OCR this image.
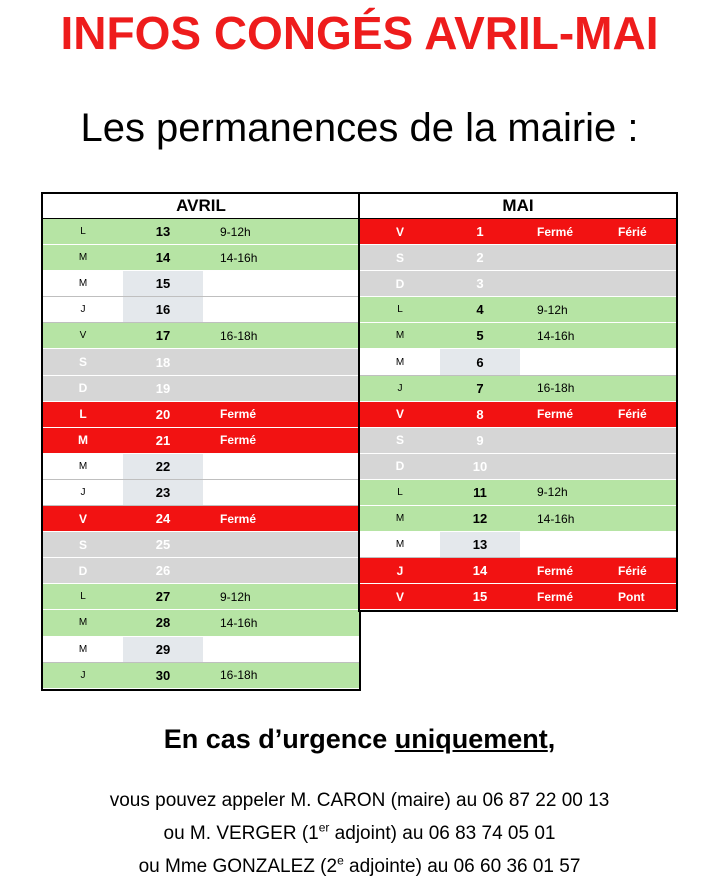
INFOS CONGÉS AVRIL-MAI
Les permanences de la mairie :
AVRIL
L	13	9-12h
M	14	14-16h
M	15
J	16
V	17	16-18h
S	18
D	19
L	20	Fermé
M	21	Fermé
M	22
J	23
V	24	Fermé
S	25
D	26
L	27	9-12h
M	28	14-16h
M	29
J	30	16-18h
MAI
V	1	Fermé	Férié
S	2
D	3
L	4	9-12h
M	5	14-16h
M	6
J	7	16-18h
V	8	Fermé	Férié
S	9
D	10
L	11	9-12h
M	12	14-16h
M	13
J	14	Fermé	Férié
V	15	Fermé	Pont
En cas d’urgence uniquement,
vous pouvez appeler M. CARON (maire) au 06 87 22 00 13
ou M. VERGER (1er adjoint) au 06 83 74 05 01
ou Mme GONZALEZ (2e adjointe) au 06 60 36 01 57
